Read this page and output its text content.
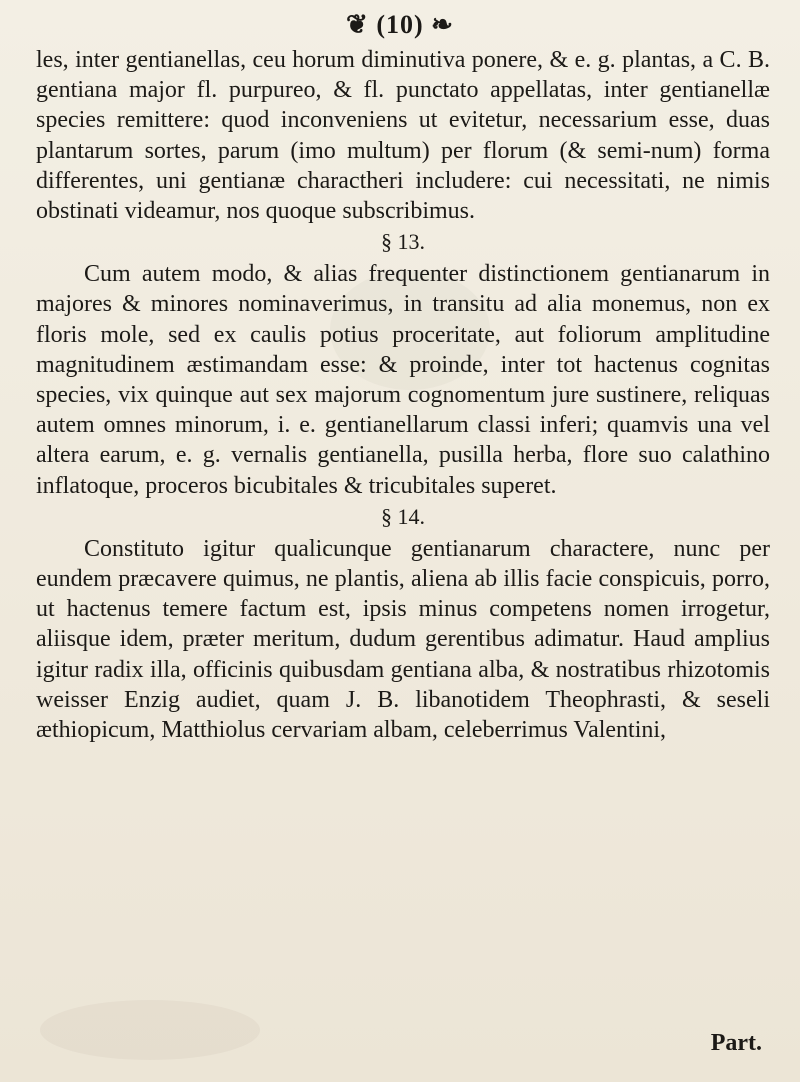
❦ (10) ❧

les, inter gentianellas, ceu horum diminutiva ponere, & e. g. plantas, a C. B. gentiana major fl. purpureo, & fl. punctato appellatas, inter gentianellæ species remittere: quod inconveniens ut evitetur, necessarium esse, duas plantarum sortes, parum (imo multum) per florum (& semi-num) forma differentes, uni gentianæ charactheri includere: cui necessitati, ne nimis obstinati videamur, nos quoque subscribimus.

§ 13.

Cum autem modo, & alias frequenter distinctionem gentianarum in majores & minores nominaverimus, in transitu ad alia monemus, non ex floris mole, sed ex caulis potius proceritate, aut foliorum amplitudine magnitudinem æstimandam esse: & proinde, inter tot hactenus cognitas species, vix quinque aut sex majorum cognomentum jure sustinere, reliquas autem omnes minorum, i. e. gentianellarum classi inferi; quamvis una vel altera earum, e. g. vernalis gentianella, pusilla herba, flore suo calathino inflatoque, proceros bicubitales & tricubitales superet.

§ 14.

Constituto igitur qualicunque gentianarum charactere, nunc per eundem præcavere quimus, ne plantis, aliena ab illis facie conspicuis, porro, ut hactenus temere factum est, ipsis minus competens nomen irrogetur, aliisque idem, præter meritum, dudum gerentibus adimatur. Haud amplius igitur radix illa, officinis quibusdam gentiana alba, & nostratibus rhizotomis weisser Enzig audiet, quam J. B. libanotidem Theophrasti, & seseli æthiopicum, Matthiolus cervariam albam, celeberrimus Valentini,

Part.
